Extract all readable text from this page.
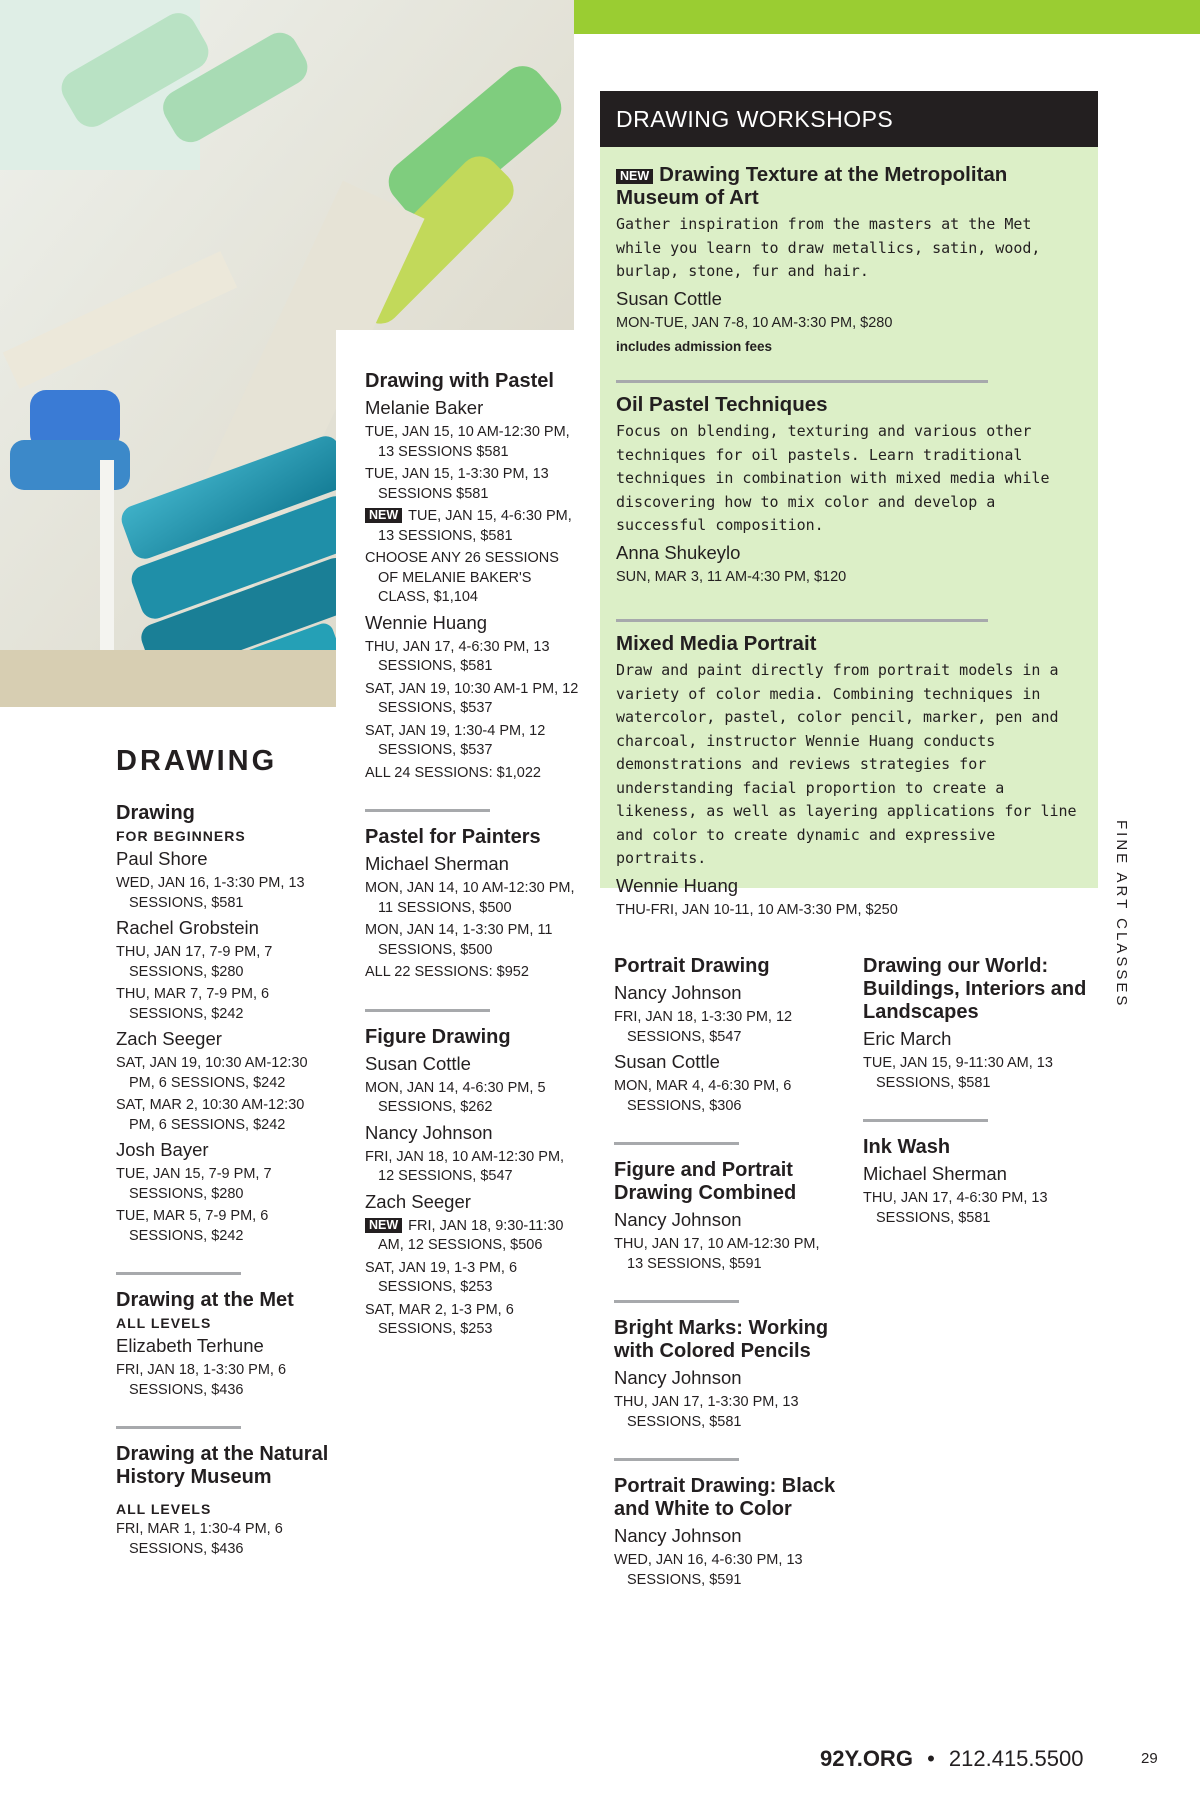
DRAWING
Drawing
FOR BEGINNERS
Paul Shore
WED, JAN 16, 1-3:30 PM, 13 SESSIONS, $581
Rachel Grobstein
THU, JAN 17, 7-9 PM, 7 SESSIONS, $280
THU, MAR 7, 7-9 PM, 6 SESSIONS, $242
Zach Seeger
SAT, JAN 19, 10:30 AM-12:30 PM, 6 SESSIONS, $242
SAT, MAR 2, 10:30 AM-12:30 PM, 6 SESSIONS, $242
Josh Bayer
TUE, JAN 15, 7-9 PM, 7 SESSIONS, $280
TUE, MAR 5, 7-9 PM, 6 SESSIONS, $242
Drawing at the Met
ALL LEVELS
Elizabeth Terhune
FRI, JAN 18, 1-3:30 PM, 6 SESSIONS, $436
Drawing at the Natural History Museum
ALL LEVELS
FRI, MAR 1, 1:30-4 PM, 6 SESSIONS, $436
Drawing with Pastel
Melanie Baker
TUE, JAN 15, 10 AM-12:30 PM, 13 SESSIONS $581
TUE, JAN 15, 1-3:30 PM, 13 SESSIONS $581
NEW TUE, JAN 15, 4-6:30 PM, 13 SESSIONS, $581
CHOOSE ANY 26 SESSIONS OF MELANIE BAKER'S CLASS, $1,104
Wennie Huang
THU, JAN 17, 4-6:30 PM, 13 SESSIONS, $581
SAT, JAN 19, 10:30 AM-1 PM, 12 SESSIONS, $537
SAT, JAN 19, 1:30-4 PM, 12 SESSIONS, $537
ALL 24 SESSIONS: $1,022
Pastel for Painters
Michael Sherman
MON, JAN 14, 10 AM-12:30 PM, 11 SESSIONS, $500
MON, JAN 14, 1-3:30 PM, 11 SESSIONS, $500
ALL 22 SESSIONS: $952
Figure Drawing
Susan Cottle
MON, JAN 14, 4-6:30 PM, 5 SESSIONS, $262
Nancy Johnson
FRI, JAN 18, 10 AM-12:30 PM, 12 SESSIONS, $547
Zach Seeger
NEW FRI, JAN 18, 9:30-11:30 AM, 12 SESSIONS, $506
SAT, JAN 19, 1-3 PM, 6 SESSIONS, $253
SAT, MAR 2, 1-3 PM, 6 SESSIONS, $253
DRAWING WORKSHOPS
NEW Drawing Texture at the Metropolitan Museum of Art
Gather inspiration from the masters at the Met while you learn to draw metallics, satin, wood, burlap, stone, fur and hair.
Susan Cottle
MON-TUE, JAN 7-8, 10 AM-3:30 PM, $280
includes admission fees
Oil Pastel Techniques
Focus on blending, texturing and various other techniques for oil pastels. Learn traditional techniques in combination with mixed media while discovering how to mix color and develop a successful composition.
Anna Shukeylo
SUN, MAR 3, 11 AM-4:30 PM, $120
Mixed Media Portrait
Draw and paint directly from portrait models in a variety of color media. Combining techniques in watercolor, pastel, color pencil, marker, pen and charcoal, instructor Wennie Huang conducts demonstrations and reviews strategies for understanding facial proportion to create a likeness, as well as layering applications for line and color to create dynamic and expressive portraits.
Wennie Huang
THU-FRI, JAN 10-11, 10 AM-3:30 PM, $250
Portrait Drawing
Nancy Johnson
FRI, JAN 18, 1-3:30 PM, 12 SESSIONS, $547
Susan Cottle
MON, MAR 4, 4-6:30 PM, 6 SESSIONS, $306
Figure and Portrait Drawing Combined
Nancy Johnson
THU, JAN 17, 10 AM-12:30 PM, 13 SESSIONS, $591
Bright Marks: Working with Colored Pencils
Nancy Johnson
THU, JAN 17, 1-3:30 PM, 13 SESSIONS, $581
Portrait Drawing: Black and White to Color
Nancy Johnson
WED, JAN 16, 4-6:30 PM, 13 SESSIONS, $591
Drawing our World: Buildings, Interiors and Landscapes
Eric March
TUE, JAN 15, 9-11:30 AM, 13 SESSIONS, $581
Ink Wash
Michael Sherman
THU, JAN 17, 4-6:30 PM, 13 SESSIONS, $581
FINE ART CLASSES
92Y.ORG • 212.415.5500	29
